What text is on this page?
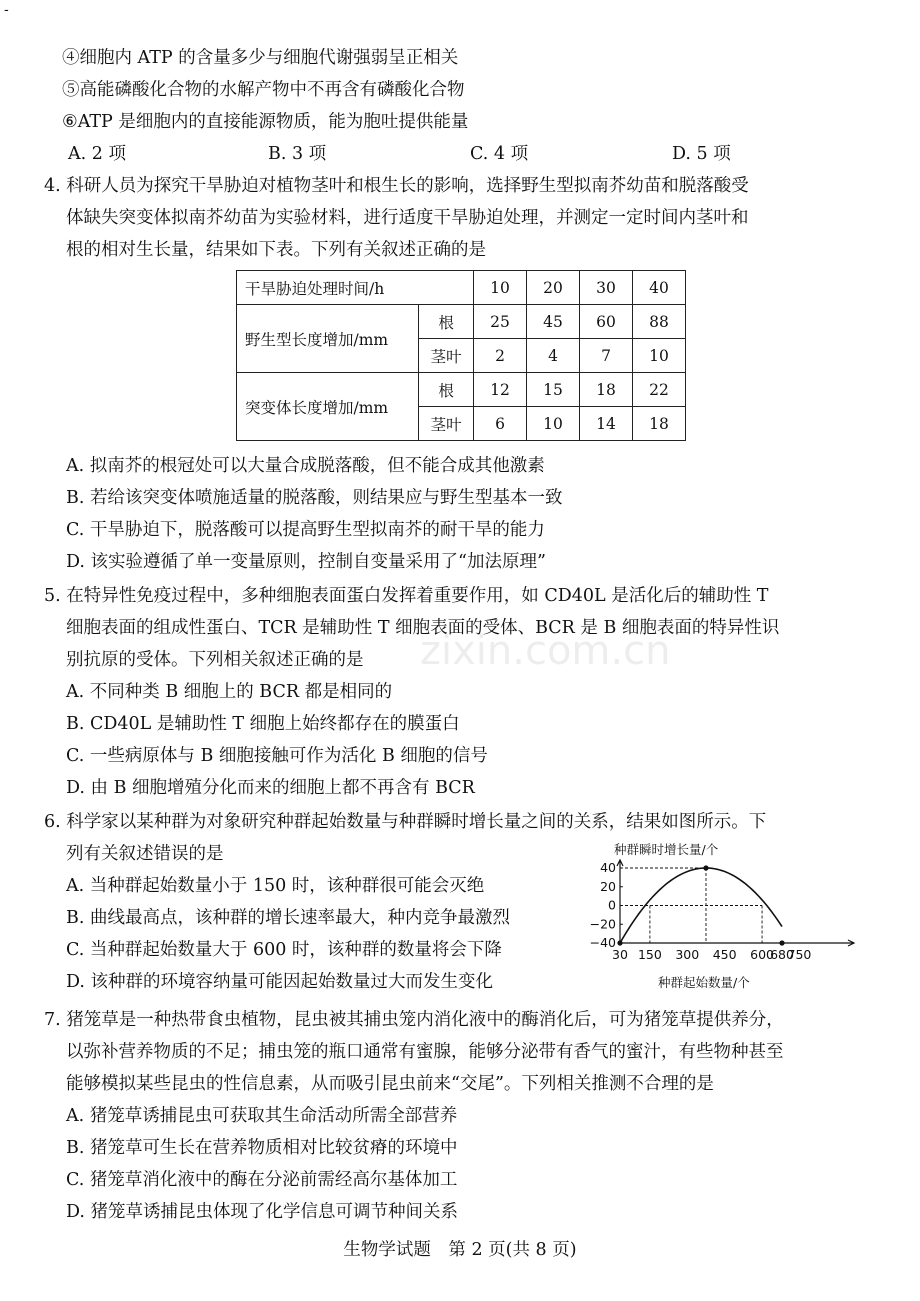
-
④细胞内 ATP 的含量多少与细胞代谢强弱呈正相关
⑤高能磷酸化合物的水解产物中不再含有磷酸化合物
⑥ATP 是细胞内的直接能源物质，能为胞吐提供能量
A. 2 项	B. 3 项	C. 4 项	D. 5 项
4. 科研人员为探究干旱胁迫对植物茎叶和根生长的影响，选择野生型拟南芥幼苗和脱落酸受
体缺失突变体拟南芥幼苗为实验材料，进行适度干旱胁迫处理，并测定一定时间内茎叶和
根的相对生长量，结果如下表。下列有关叙述正确的是
干旱胁迫处理时间/h		10	20	30	40
野生型长度增加/mm	根	25	45	60	88
	茎叶	2	4	7	10
突变体长度增加/mm	根	12	15	18	22
	茎叶	6	10	14	18
A. 拟南芥的根冠处可以大量合成脱落酸，但不能合成其他激素
B. 若给该突变体喷施适量的脱落酸，则结果应与野生型基本一致
C. 干旱胁迫下，脱落酸可以提高野生型拟南芥的耐干旱的能力
D. 该实验遵循了单一变量原则，控制自变量采用了“加法原理”
5. 在特异性免疫过程中，多种细胞表面蛋白发挥着重要作用，如 CD40L 是活化后的辅助性 T
细胞表面的组成性蛋白、TCR 是辅助性 T 细胞表面的受体、BCR 是 B 细胞表面的特异性识
别抗原的受体。下列相关叙述正确的是 zixin.com.cn
A. 不同种类 B 细胞上的 BCR 都是相同的
B. CD40L 是辅助性 T 细胞上始终都存在的膜蛋白
C. 一些病原体与 B 细胞接触可作为活化 B 细胞的信号
D. 由 B 细胞增殖分化而来的细胞上都不再含有 BCR
6. 科学家以某种群为对象研究种群起始数量与种群瞬时增长量之间的关系，结果如图所示。下
列有关叙述错误的是
A. 当种群起始数量小于 150 时，该种群很可能会灭绝
B. 曲线最高点，该种群的增长速率最大，种内竞争最激烈
C. 当种群起始数量大于 600 时，该种群的数量将会下降
D. 该种群的环境容纳量可能因起始数量过大而发生变化
种群瞬时增长量/个
种群起始数量/个
40
20
0
−20
−40
30 150 300 450 600
680
750
7. 猪笼草是一种热带食虫植物，昆虫被其捕虫笼内消化液中的酶消化后，可为猪笼草提供养分，
以弥补营养物质的不足；捕虫笼的瓶口通常有蜜腺，能够分泌带有香气的蜜汁，有些物种甚至
能够模拟某些昆虫的性信息素，从而吸引昆虫前来“交尾”。下列相关推测不合理的是
A. 猪笼草诱捕昆虫可获取其生命活动所需全部营养
B. 猪笼草可生长在营养物质相对比较贫瘠的环境中
C. 猪笼草消化液中的酶在分泌前需经高尔基体加工
D. 猪笼草诱捕昆虫体现了化学信息可调节种间关系
生物学试题　第 2 页(共 8 页)
